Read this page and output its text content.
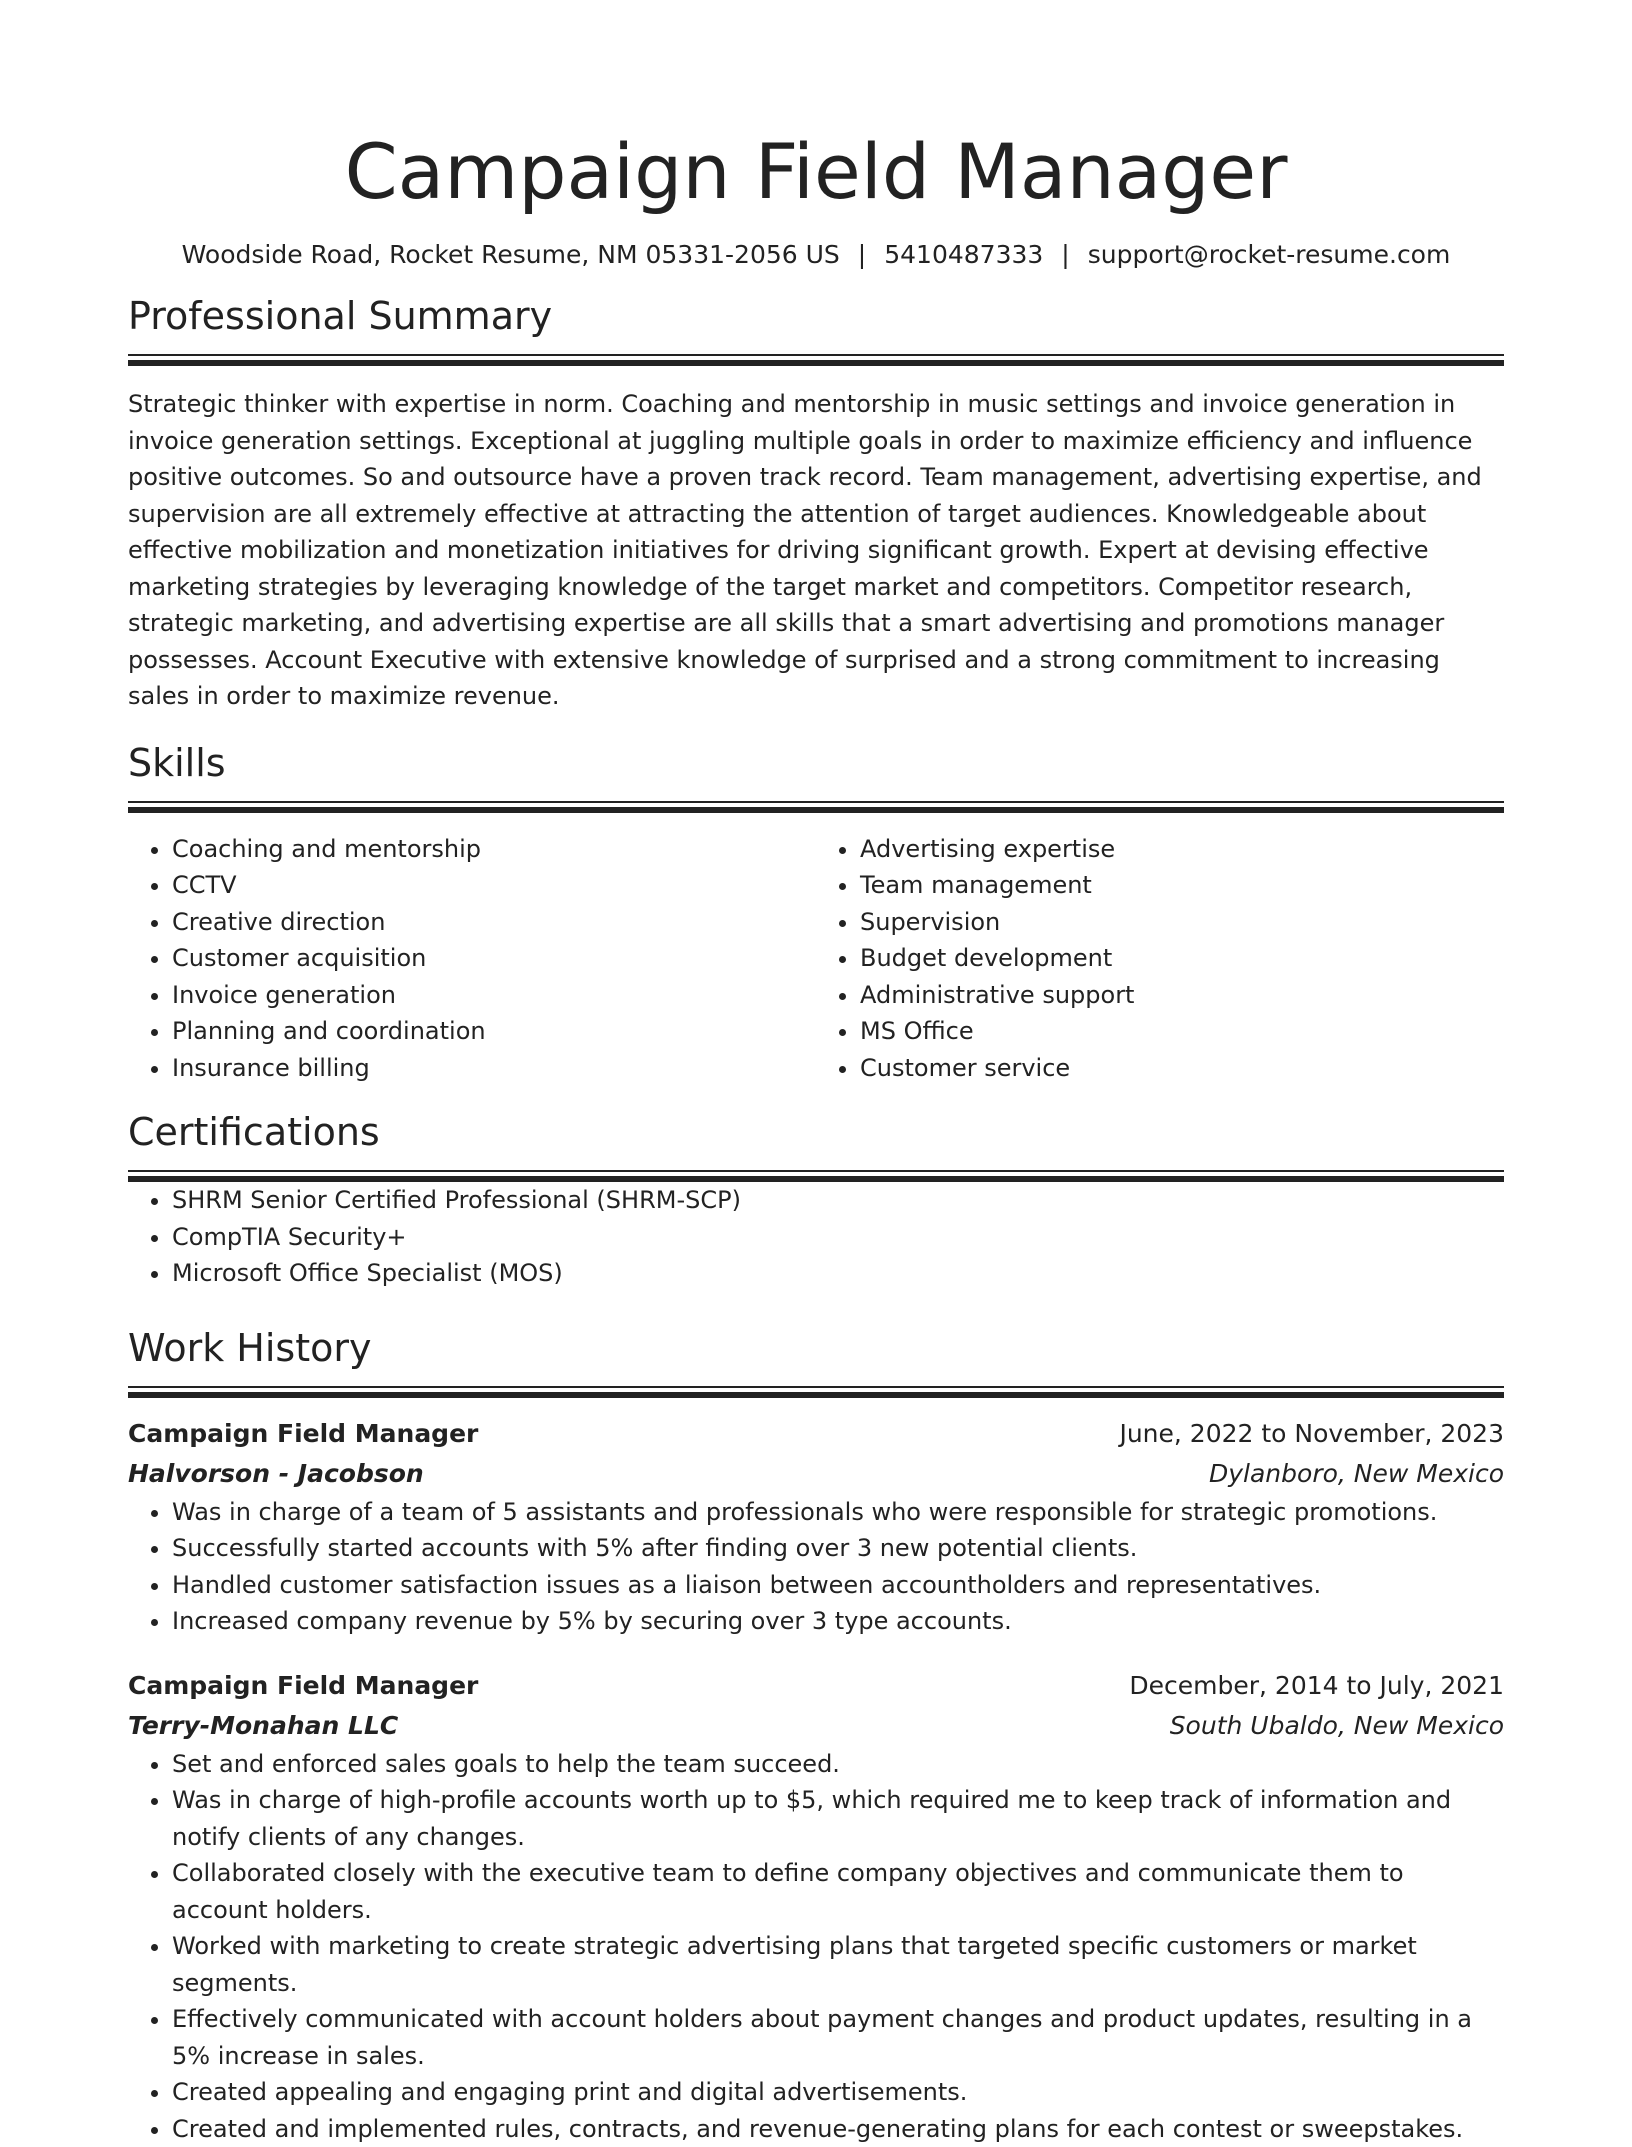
Campaign Field Manager
Woodside Road, Rocket Resume, NM 05331-2056 US | 5410487333 | support@rocket-resume.com
Professional Summary
Strategic thinker with expertise in norm. Coaching and mentorship in music settings and invoice generation in invoice generation settings. Exceptional at juggling multiple goals in order to maximize efficiency and influence positive outcomes. So and outsource have a proven track record. Team management, advertising expertise, and supervision are all extremely effective at attracting the attention of target audiences. Knowledgeable about effective mobilization and monetization initiatives for driving significant growth. Expert at devising effective marketing strategies by leveraging knowledge of the target market and competitors. Competitor research, strategic marketing, and advertising expertise are all skills that a smart advertising and promotions manager possesses. Account Executive with extensive knowledge of surprised and a strong commitment to increasing sales in order to maximize revenue.
Skills
• Coaching and mentorship
• CCTV
• Creative direction
• Customer acquisition
• Invoice generation
• Planning and coordination
• Insurance billing
• Advertising expertise
• Team management
• Supervision
• Budget development
• Administrative support
• MS Office
• Customer service
Certifications
• SHRM Senior Certified Professional (SHRM-SCP)
• CompTIA Security+
• Microsoft Office Specialist (MOS)
Work History
Campaign Field Manager	June, 2022 to November, 2023
Halvorson - Jacobson	Dylanboro, New Mexico
• Was in charge of a team of 5 assistants and professionals who were responsible for strategic promotions.
• Successfully started accounts with 5% after finding over 3 new potential clients.
• Handled customer satisfaction issues as a liaison between accountholders and representatives.
• Increased company revenue by 5% by securing over 3 type accounts.
Campaign Field Manager	December, 2014 to July, 2021
Terry-Monahan LLC	South Ubaldo, New Mexico
• Set and enforced sales goals to help the team succeed.
• Was in charge of high-profile accounts worth up to $5, which required me to keep track of information and notify clients of any changes.
• Collaborated closely with the executive team to define company objectives and communicate them to account holders.
• Worked with marketing to create strategic advertising plans that targeted specific customers or market segments.
• Effectively communicated with account holders about payment changes and product updates, resulting in a 5% increase in sales.
• Created appealing and engaging print and digital advertisements.
• Created and implemented rules, contracts, and revenue-generating plans for each contest or sweepstakes.
